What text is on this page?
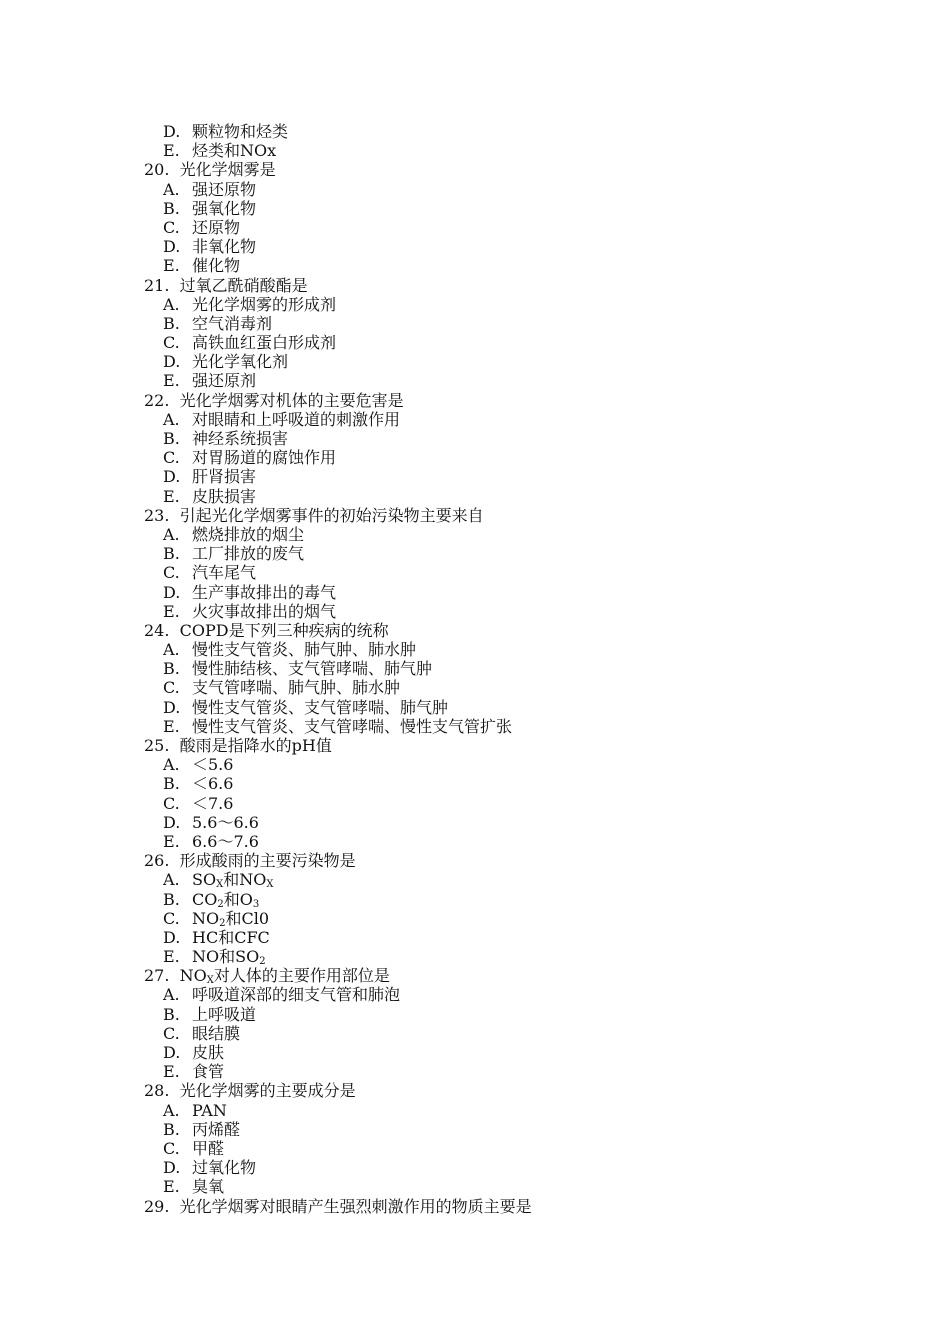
D. 颗粒物和烃类
E. 烃类和NOx
20. 光化学烟雾是
A. 强还原物
B. 强氧化物
C. 还原物
D. 非氧化物
E. 催化物
21. 过氧乙酰硝酸酯是
A. 光化学烟雾的形成剂
B. 空气消毒剂
C. 高铁血红蛋白形成剂
D. 光化学氧化剂
E. 强还原剂
22. 光化学烟雾对机体的主要危害是
A. 对眼睛和上呼吸道的刺激作用
B. 神经系统损害
C. 对胃肠道的腐蚀作用
D. 肝肾损害
E. 皮肤损害
23. 引起光化学烟雾事件的初始污染物主要来自
A. 燃烧排放的烟尘
B. 工厂排放的废气
C. 汽车尾气
D. 生产事故排出的毒气
E. 火灾事故排出的烟气
24. COPD是下列三种疾病的统称
A. 慢性支气管炎、肺气肿、肺水肿
B. 慢性肺结核、支气管哮喘、肺气肿
C. 支气管哮喘、肺气肿、肺水肿
D. 慢性支气管炎、支气管哮喘、肺气肿
E. 慢性支气管炎、支气管哮喘、慢性支气管扩张
25. 酸雨是指降水的pH值
A. ＜5.6
B. ＜6.6
C. ＜7.6
D. 5.6～6.6
E. 6.6～7.6
26. 形成酸雨的主要污染物是
A. $SO_X$和$NO_X$
B. $CO_2$和$O_3$
C. $NO_2$和Cl0
D. HC和CFC
E. NO和$SO_2$
27. $NO_X$对人体的主要作用部位是
A. 呼吸道深部的细支气管和肺泡
B. 上呼吸道
C. 眼结膜
D. 皮肤
E. 食管
28. 光化学烟雾的主要成分是
A. PAN
B. 丙烯醛
C. 甲醛
D. 过氧化物
E. 臭氧
29. 光化学烟雾对眼睛产生强烈刺激作用的物质主要是
